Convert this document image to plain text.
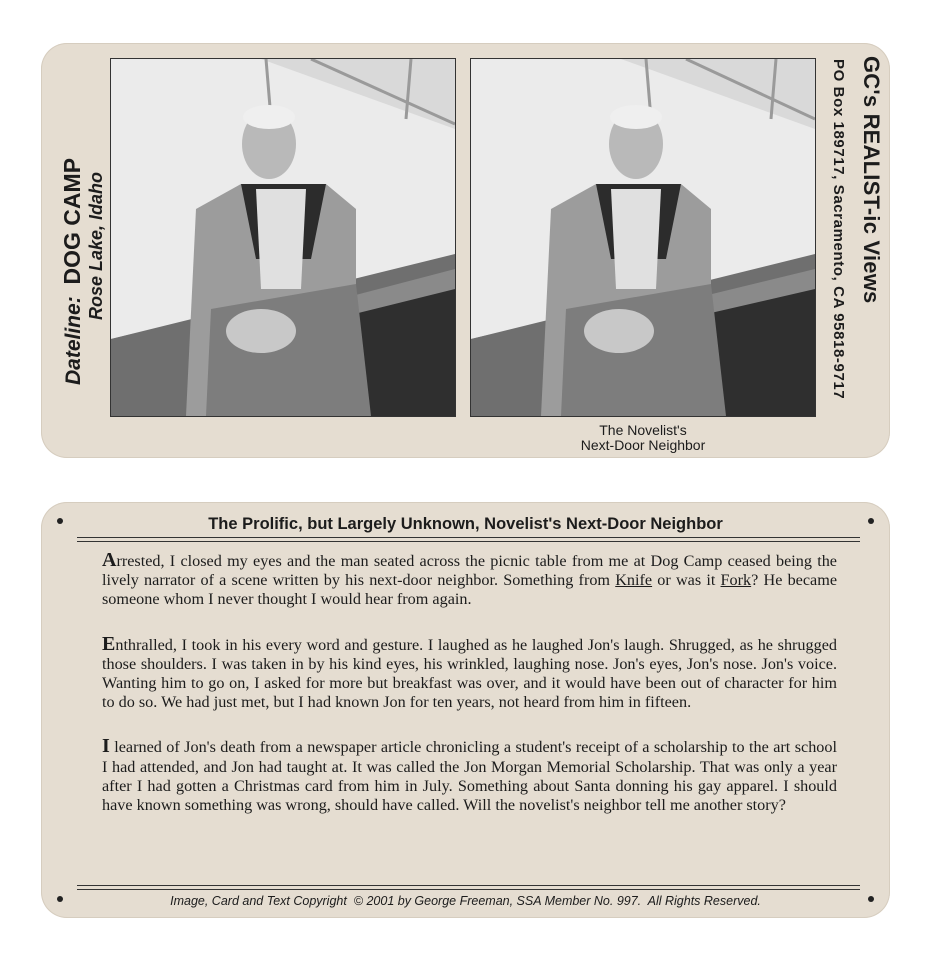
Dateline: DOG CAMP Rose Lake, Idaho
The Novelist's
Next-Door Neighbor
GC's REALIST-ic Views
PO Box 189717, Sacramento, CA 95818-9717
The Prolific, but Largely Unknown, Novelist's Next-Door Neighbor

Arrested, I closed my eyes and the man seated across the picnic table from me at Dog Camp ceased being the lively narrator of a scene written by his next-door neighbor. Something from Knife or was it Fork? He became someone whom I never thought I would hear from again.

Enthralled, I took in his every word and gesture. I laughed as he laughed Jon's laugh. Shrugged, as he shrugged those shoulders. I was taken in by his kind eyes, his wrinkled, laughing nose. Jon's eyes, Jon's nose. Jon's voice. Wanting him to go on, I asked for more but breakfast was over, and it would have been out of character for him to do so. We had just met, but I had known Jon for ten years, not heard from him in fifteen.

I learned of Jon's death from a newspaper article chronicling a student's receipt of a scholarship to the art school I had attended, and Jon had taught at. It was called the Jon Morgan Memorial Scholarship. That was only a year after I had gotten a Christmas card from him in July. Something about Santa donning his gay apparel. I should have known something was wrong, should have called. Will the novelist's neighbor tell me another story?

Image, Card and Text Copyright  © 2001 by George Freeman, SSA Member No. 997.  All Rights Reserved.
